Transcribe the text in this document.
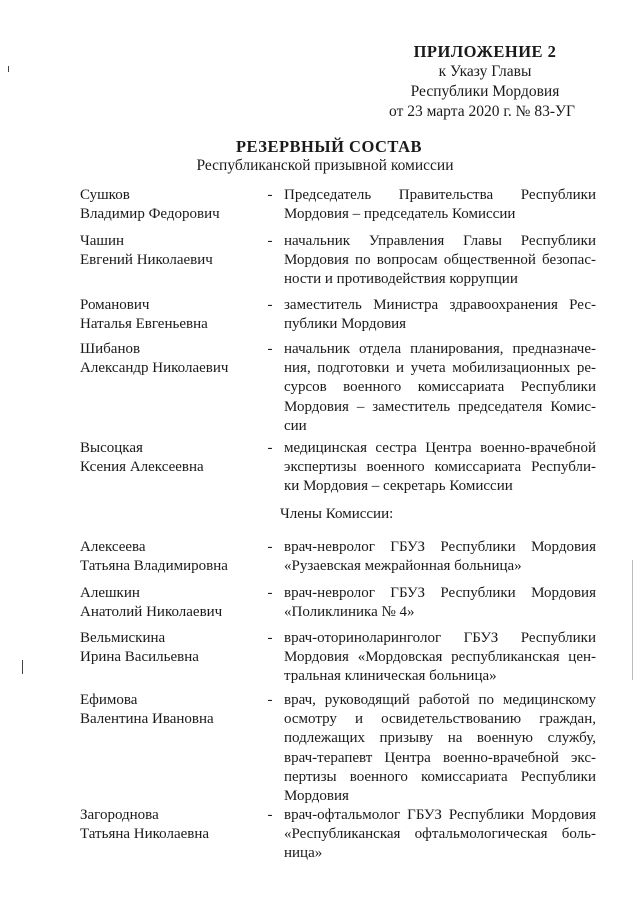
ПРИЛОЖЕНИЕ 2
к Указу Главы
Республики Мордовия
от 23 марта 2020 г. № 83-УГ
РЕЗЕРВНЫЙ СОСТАВ
Республиканской призывной комиссии
Сушков
Владимир Федорович
- Председатель Правительства Республики
Мордовия – председатель Комиссии
Чашин
Евгений Николаевич
- начальник Управления Главы Республики
Мордовия по вопросам общественной безопас-
ности и противодействия коррупции
Романович
Наталья Евгеньевна
- заместитель Министра здравоохранения Рес-
публики Мордовия
Шибанов
Александр Николаевич
- начальник отдела планирования, предназначе-
ния, подготовки и учета мобилизационных ре-
сурсов военного комиссариата Республики
Мордовия – заместитель председателя Комис-
сии
Высоцкая
Ксения Алексеевна
- медицинская сестра Центра военно-врачебной
экспертизы военного комиссариата Республи-
ки Мордовия – секретарь Комиссии
Алексеева
Татьяна Владимировна
- врач-невролог ГБУЗ Республики Мордовия
«Рузаевская межрайонная больница»
Алешкин
Анатолий Николаевич
- врач-невролог ГБУЗ Республики Мордовия
«Поликлиника № 4»
Вельмискина
Ирина Васильевна
- врач-оториноларинголог ГБУЗ Республики
Мордовия «Мордовская республиканская цен-
тральная клиническая больница»
Ефимова
Валентина Ивановна
- врач, руководящий работой по медицинскому
осмотру и освидетельствованию граждан,
подлежащих призыву на военную службу,
врач-терапевт Центра военно-врачебной экс-
пертизы военного комиссариата Республики
Мордовия
Загороднова
Татьяна Николаевна
- врач-офтальмолог ГБУЗ Республики Мордовия
«Республиканская офтальмологическая боль-
ница»
Члены Комиссии:
